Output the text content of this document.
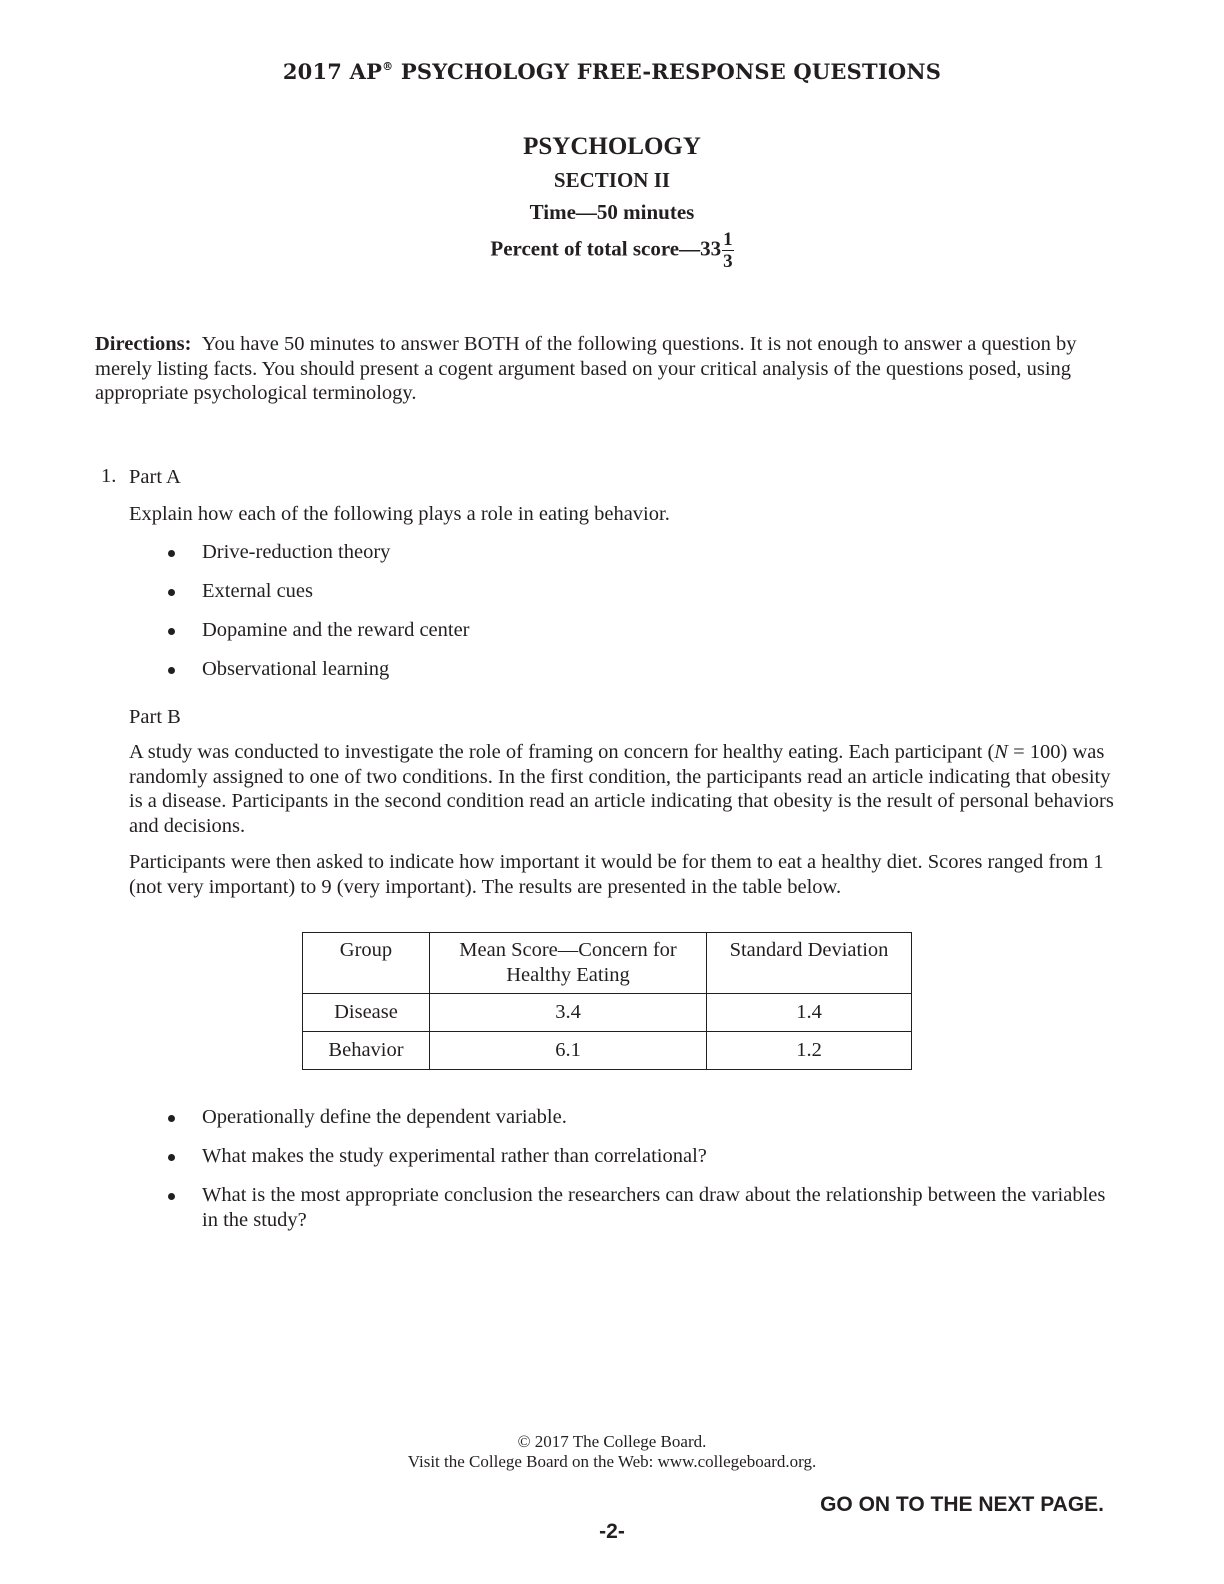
2017 AP® PSYCHOLOGY FREE-RESPONSE QUESTIONS
PSYCHOLOGY
SECTION II
Time—50 minutes
Percent of total score—33 $\frac{1}{3}$
Directions: You have 50 minutes to answer BOTH of the following questions. It is not enough to answer a question by merely listing facts. You should present a cogent argument based on your critical analysis of the questions posed, using appropriate psychological terminology.
1. Part A
Explain how each of the following plays a role in eating behavior.
Drive-reduction theory
External cues
Dopamine and the reward center
Observational learning
Part B
A study was conducted to investigate the role of framing on concern for healthy eating. Each participant (N = 100) was randomly assigned to one of two conditions. In the first condition, the participants read an article indicating that obesity is a disease. Participants in the second condition read an article indicating that obesity is the result of personal behaviors and decisions.
Participants were then asked to indicate how important it would be for them to eat a healthy diet. Scores ranged from 1 (not very important) to 9 (very important). The results are presented in the table below.
Group	Mean Score—Concern for Healthy Eating	Standard Deviation
Disease	3.4	1.4
Behavior	6.1	1.2
Operationally define the dependent variable.
What makes the study experimental rather than correlational?
What is the most appropriate conclusion the researchers can draw about the relationship between the variables in the study?
© 2017 The College Board.
Visit the College Board on the Web: www.collegeboard.org.
GO ON TO THE NEXT PAGE.
-2-
